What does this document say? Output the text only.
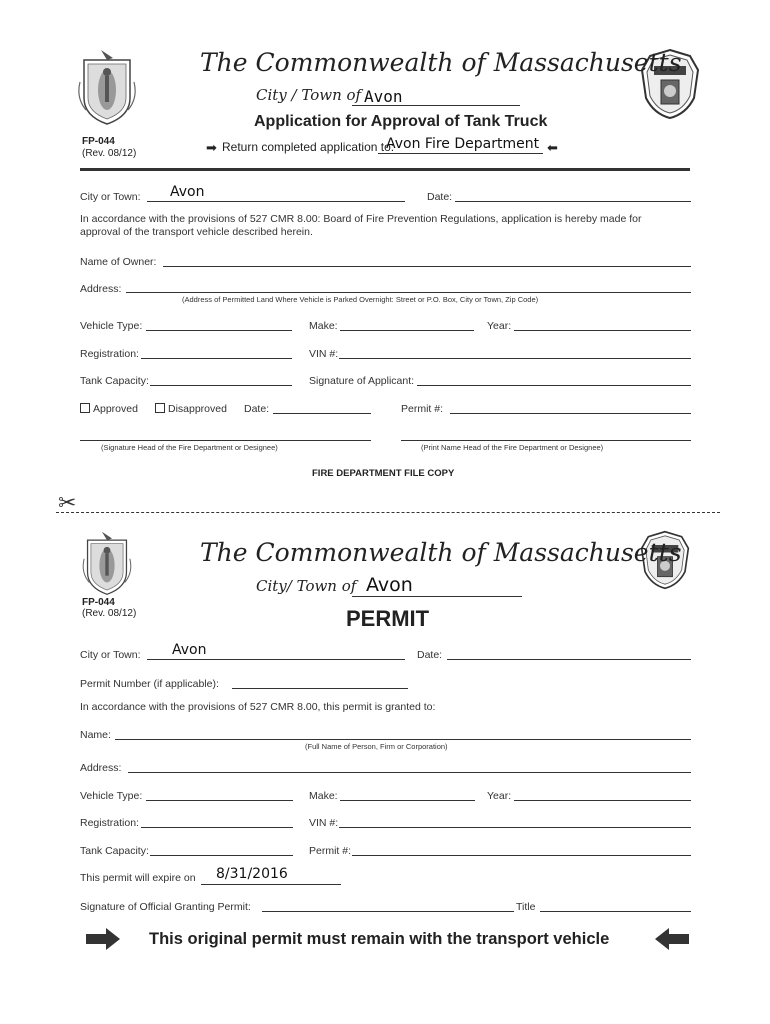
The Commonwealth of Massachusetts
City / Town of Avon
Application for Approval of Tank Truck
➡ Return completed application to:
Avon Fire Department ⬅
FP-044
(Rev. 08/12)
City or Town: Avon	Date:
In accordance with the provisions of 527 CMR 8.00: Board of Fire Prevention Regulations, application is hereby made for
approval of the transport vehicle described herein.
Name of Owner:
Address:
(Address of Permitted Land Where Vehicle is Parked Overnight: Street or P.O. Box, City or Town, Zip Code)
Vehicle Type:	Make:	Year:
Registration:	VIN #:
Tank Capacity:	Signature of Applicant:
Approved	Disapproved Date:	Permit #:
(Signature Head of the Fire Department or Designee)	(Print Name Head of the Fire Department or Designee)
FIRE DEPARTMENT FILE COPY
✂
The Commonwealth of Massachusetts
City/ Town of Avon
FP-044
(Rev. 08/12)	PERMIT
City or Town: Avon	Date:
Permit Number (if applicable):
In accordance with the provisions of 527 CMR 8.00, this permit is granted to:
Name:
(Full Name of Person, Firm or Corporation)
Address:
Vehicle Type:	Make:	Year:
Registration:	VIN #:
Tank Capacity:	Permit #:
This permit will expire on 8/31/2016
Signature of Official Granting Permit:	Title
This original permit must remain with the transport vehicle
